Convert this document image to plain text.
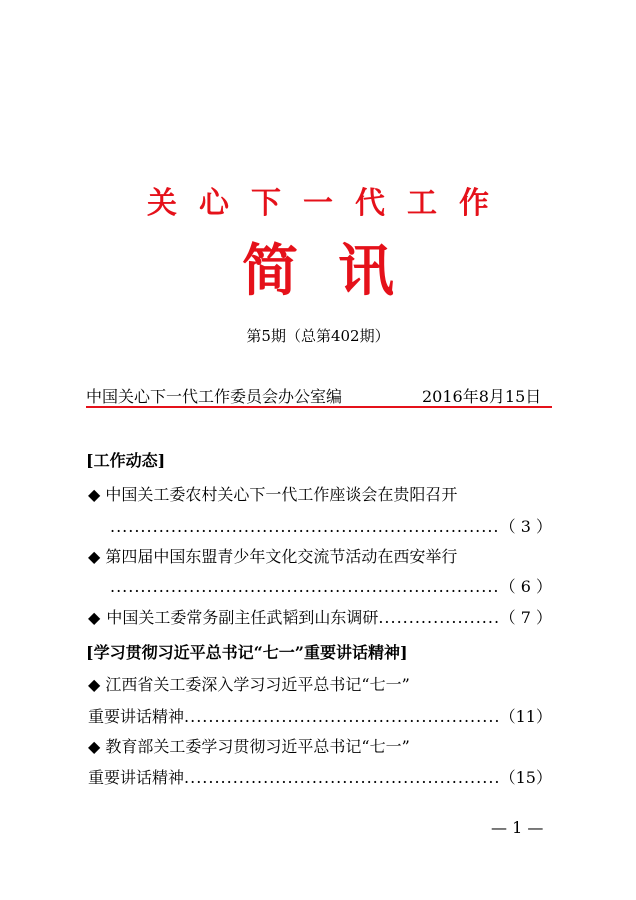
关心下一代工作
简讯
第5期（总第402期）
中国关心下一代工作委员会办公室编	2016年8月15日
[工作动态]
◆ 中国关工委农村关心下一代工作座谈会在贵阳召开
.....
（ 3 ）
◆ 第四届中国东盟青少年文化交流节活动在西安举行
.....
（ 6 ）
◆ 中国关工委常务副主任武韬到山东调研 .....	（ 7 ）
[学习贯彻习近平总书记“七一”重要讲话精神]
◆ 江西省关工委深入学习习近平总书记“七一”
重要讲话精神 .....	（11）
◆ 教育部关工委学习贯彻习近平总书记“七一”
重要讲话精神 .....	（15）
— 1 —
